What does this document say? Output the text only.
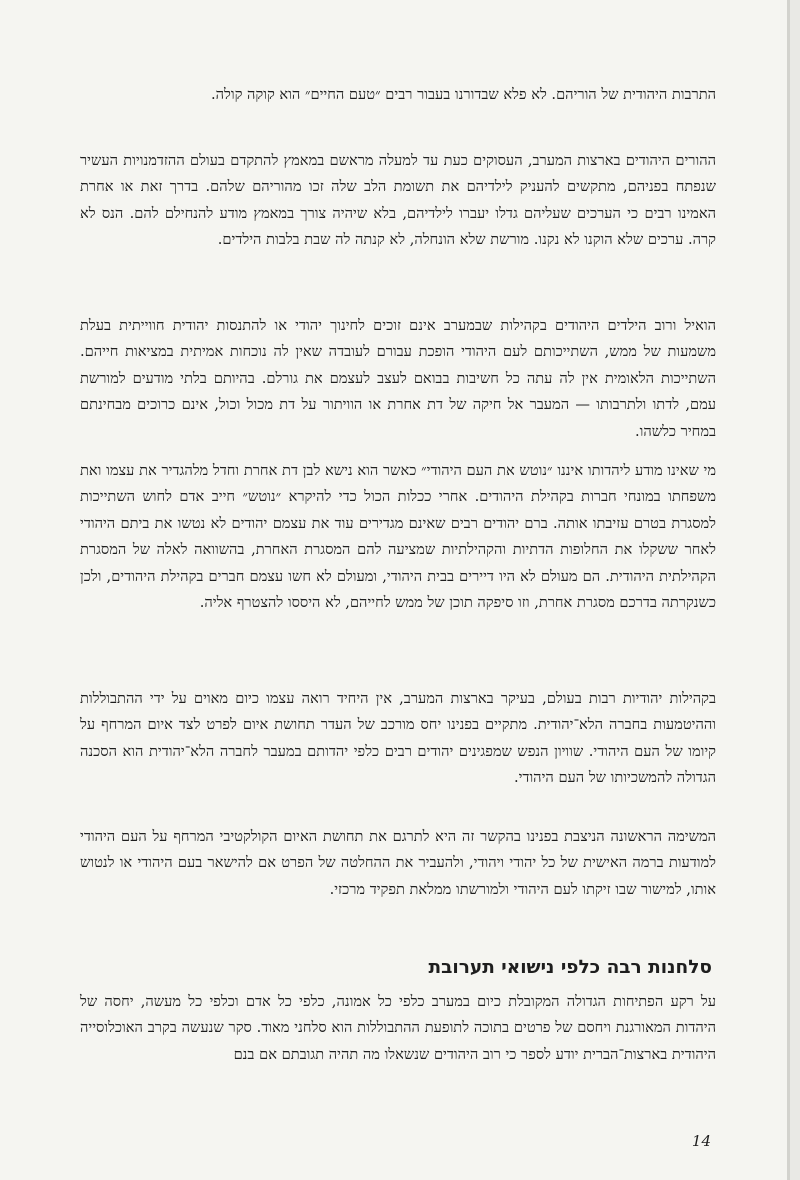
התרבות היהודית של הוריהם. לא פלא שבדורנו בעבור רבים ״טעם החיים״ הוא קוקה קולה.

ההורים היהודים בארצות המערב, העסוקים כעת עד למעלה מראשם במאמץ להתקדם בעולם ההזדמנויות העשיר שנפתח בפניהם, מתקשים להעניק לילדיהם את תשומת הלב שלה זכו מהוריהם שלהם. בדרך זאת או אחרת האמינו רבים כי הערכים שעליהם גדלו יעברו לילדיהם, בלא שיהיה צורך במאמץ מודע להנחילם להם. הנס לא קרה. ערכים שלא הוקנו לא נקנו. מורשת שלא הונחלה, לא קנתה לה שבת בלבות הילדים.

הואיל ורוב הילדים היהודים בקהילות שבמערב אינם זוכים לחינוך יהודי או להתנסות יהודית חווייתית בעלת משמעות של ממש, השתייכותם לעם היהודי הופכת עבורם לעובדה שאין לה נוכחות אמיתית במציאות חייהם. השתייכות הלאומית אין לה עתה כל חשיבות בבואם לעצב לעצמם את גורלם. בהיותם בלתי מודעים למורשת עמם, לדתו ולתרבותו — המעבר אל חיקה של דת אחרת או הוויתור על דת מכול וכול, אינם כרוכים מבחינתם במחיר כלשהו.

מי שאינו מודע ליהדותו איננו ״נוטש את העם היהודי״ כאשר הוא נישא לבן דת אחרת וחדל מלהגדיר את עצמו ואת משפחתו במונחי חברות בקהילת היהודים. אחרי ככלות הכול כדי להיקרא ״נוטש״ חייב אדם לחוש השתייכות למסגרת בטרם עזיבתו אותה. ברם יהודים רבים שאינם מגדירים עוד את עצמם יהודים לא נטשו את ביתם היהודי לאחר ששקלו את החלופות הדתיות והקהילתיות שמציעה להם המסגרת האחרת, בהשוואה לאלה של המסגרת הקהילתית היהודית. הם מעולם לא היו דיירים בבית היהודי, ומעולם לא חשו עצמם חברים בקהילת היהודים, ולכן כשנקרתה בדרכם מסגרת אחרת, וזו סיפקה תוכן של ממש לחייהם, לא היססו להצטרף אליה.

בקהילות יהודיות רבות בעולם, בעיקר בארצות המערב, אין היחיד רואה עצמו כיום מאוים על ידי ההתבוללות וההיטמעות בחברה הלא־יהודית. מתקיים בפנינו יחס מורכב של העדר תחושת איום לפרט לצד איום המרחף על קיומו של העם היהודי. שוויון הנפש שמפגינים יהודים רבים כלפי יהדותם במעבר לחברה הלא־יהודית הוא הסכנה הגדולה להמשכיותו של העם היהודי.

המשימה הראשונה הניצבת בפנינו בהקשר זה היא לתרגם את תחושת האיום הקולקטיבי המרחף על העם היהודי למודעות ברמה האישית של כל יהודי ויהודי, ולהעביר את ההחלטה של הפרט אם להישאר בעם היהודי או לנטוש אותו, למישור שבו זיקתו לעם היהודי ולמורשתו ממלאת תפקיד מרכזי.

סלחנות רבה כלפי נישואי תערובת

על רקע הפתיחות הגדולה המקובלת כיום במערב כלפי כל אמונה, כלפי כל אדם וכלפי כל מעשה, יחסה של היהדות המאורגנת ויחסם של פרטים בתוכה לתופעת ההתבוללות הוא סלחני מאוד. סקר שנעשה בקרב האוכלוסייה היהודית בארצות־הברית יודע לספר כי רוב היהודים שנשאלו מה תהיה תגובתם אם בנם

14
